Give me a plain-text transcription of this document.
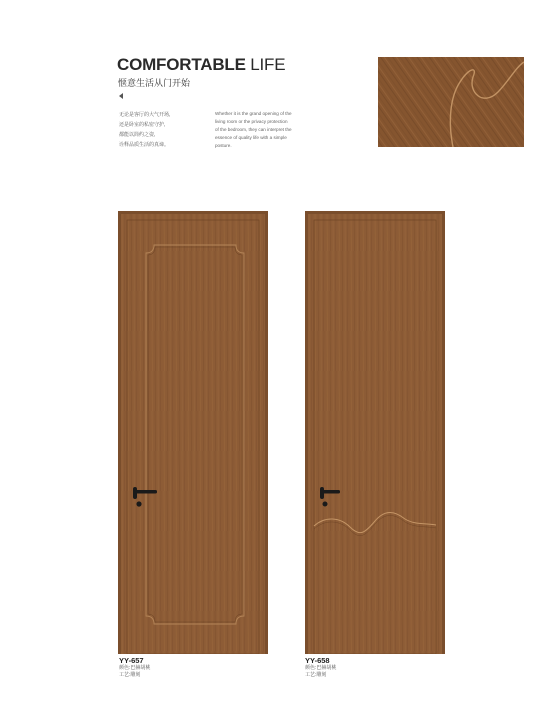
COMFORTABLE LIFE
惬意生活从门开始
无论是客厅的大气开场,
还是卧室的私密守护,
都能以简约之姿,
诠释品质生活的真谛。
Whether it is the grand opening of the
living room or the privacy protection
of the bedroom, they can interpret the
essence of quality life with a simple
posture.
YY-657
颜色:巴赫胡桃
工艺:雕刻
YY-658
颜色:巴赫胡桃
工艺:雕刻
